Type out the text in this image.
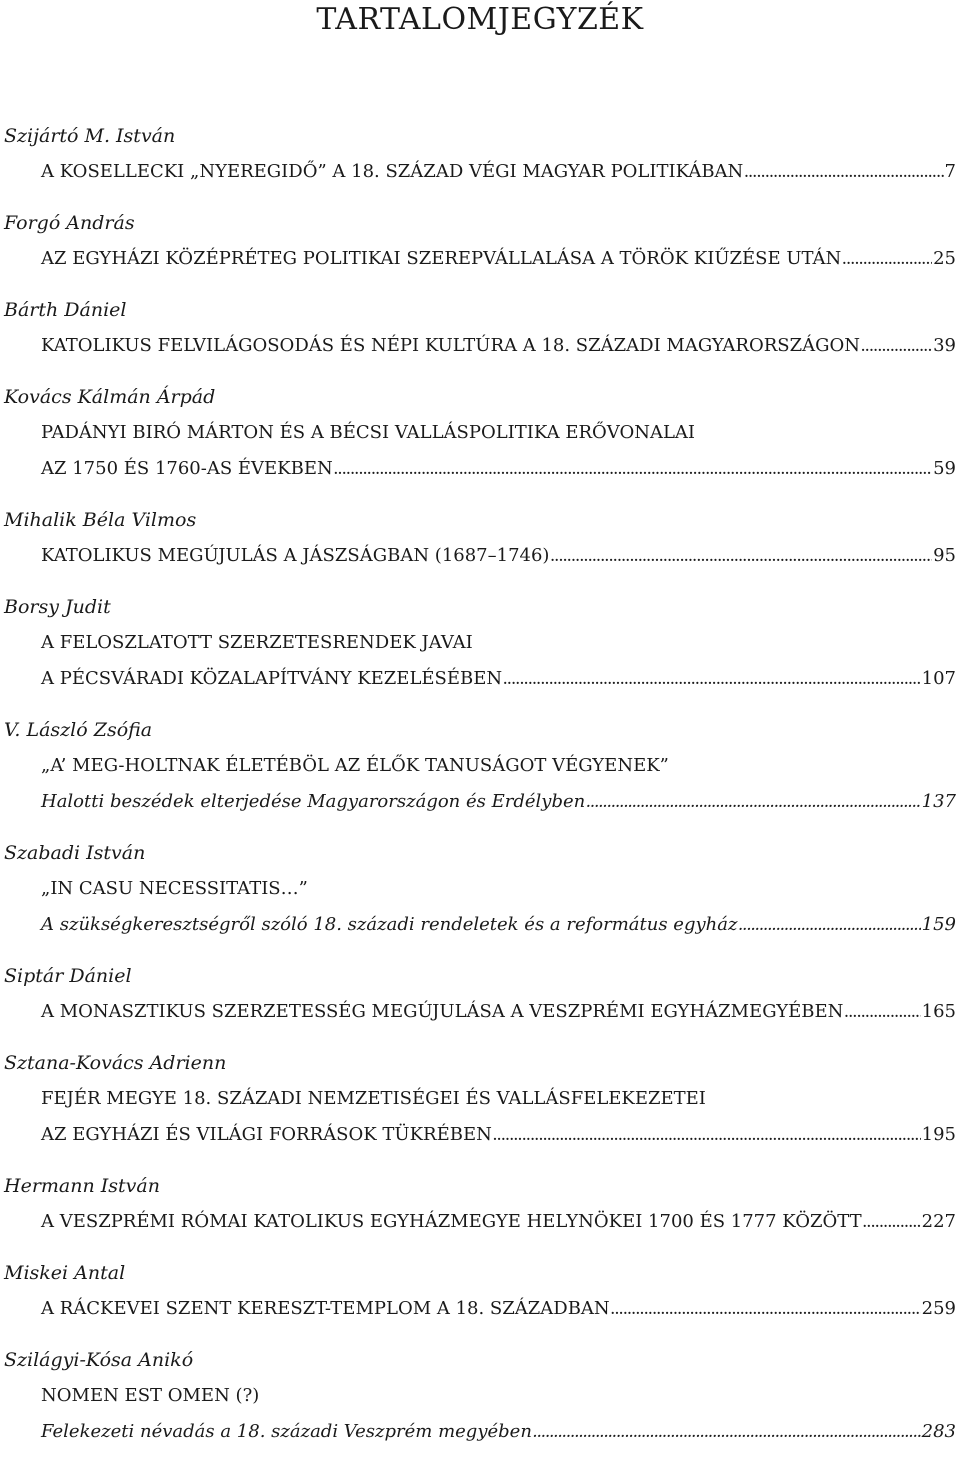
TARTALOMJEGYZÉK
Szijártó M. István
A KOSELLECKI „NYEREGIDŐ” A 18. SZÁZAD VÉGI MAGYAR POLITIKÁBAN .....	7
Forgó András
AZ EGYHÁZI KÖZÉPRÉTEG POLITIKAI SZEREPVÁLLALÁSA A TÖRÖK KIŰZÉSE UTÁN .....	25
Bárth Dániel
KATOLIKUS FELVILÁGOSODÁS ÉS NÉPI KULTÚRA A 18. SZÁZADI MAGYARORSZÁGON .....	39
Kovács Kálmán Árpád
PADÁNYI BIRÓ MÁRTON ÉS A BÉCSI VALLÁSPOLITIKA ERŐVONALAI
AZ 1750 ÉS 1760-AS ÉVEKBEN .....	59
Mihalik Béla Vilmos
KATOLIKUS MEGÚJULÁS A JÁSZSÁGBAN (1687–1746) .....	95
Borsy Judit
A FELOSZLATOTT SZERZETESRENDEK JAVAI
A PÉCSVÁRADI KÖZALAPÍTVÁNY KEZELÉSÉBEN .....	107
V. László Zsófia
„A’ MEG-HOLTNAK ÉLETÉBÖL AZ ÉLŐK TANUSÁGOT VÉGYENEK”
Halotti beszédek elterjedése Magyarországon és Erdélyben .....	137
Szabadi István
„IN CASU NECESSITATIS…”
A szükségkeresztségről szóló 18. századi rendeletek és a református egyház .....	159
Siptár Dániel
A MONASZTIKUS SZERZETESSÉG MEGÚJULÁSA A VESZPRÉMI EGYHÁZMEGYÉBEN .....	165
Sztana-Kovács Adrienn
FEJÉR MEGYE 18. SZÁZADI NEMZETISÉGEI ÉS VALLÁSFELEKEZETEI
AZ EGYHÁZI ÉS VILÁGI FORRÁSOK TÜKRÉBEN .....	195
Hermann István
A VESZPRÉMI RÓMAI KATOLIKUS EGYHÁZMEGYE HELYNÖKEI 1700 ÉS 1777 KÖZÖTT .....	227
Miskei Antal
A RÁCKEVEI SZENT KERESZT-TEMPLOM A 18. SZÁZADBAN .....	259
Szilágyi-Kósa Anikó
NOMEN EST OMEN (?)
Felekezeti névadás a 18. századi Veszprém megyében .....	283
